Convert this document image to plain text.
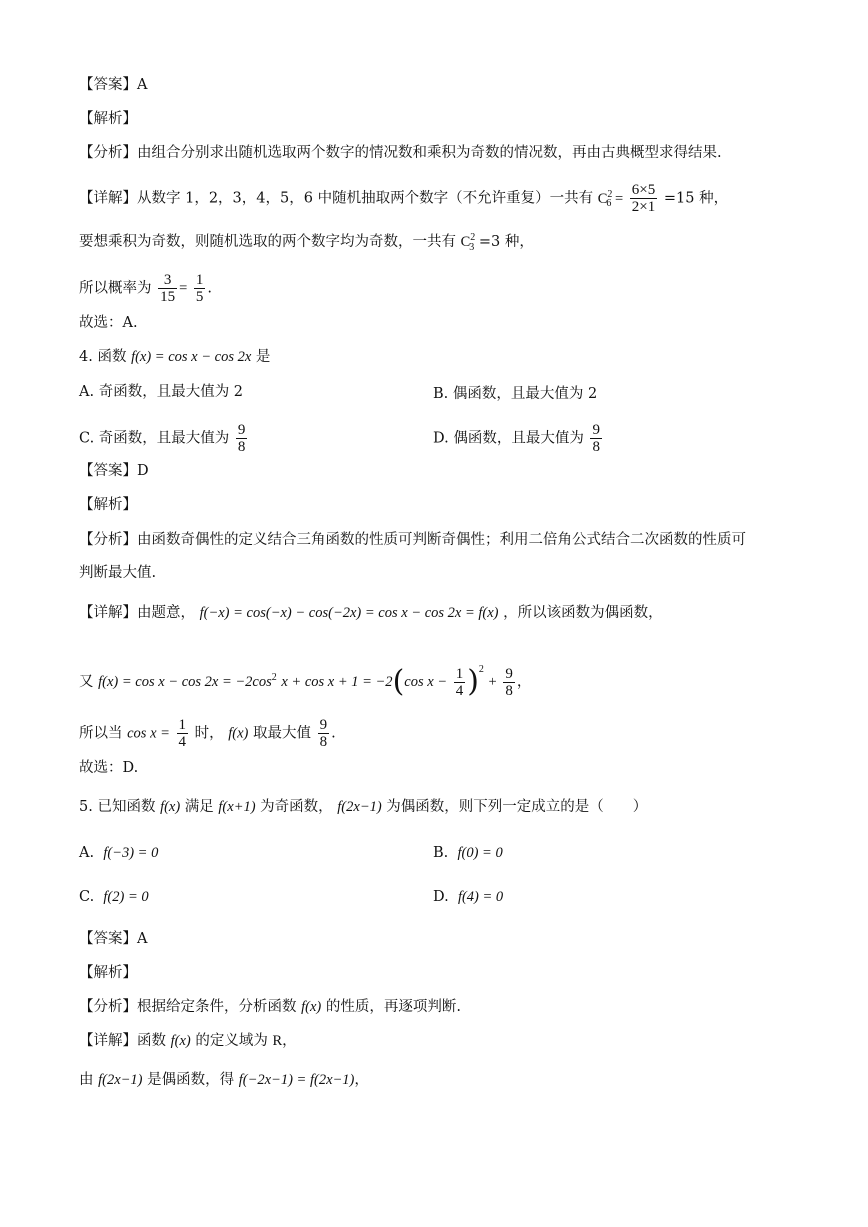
【答案】A
【解析】
【分析】由组合分别求出随机选取两个数字的情况数和乘积为奇数的情况数，再由古典概型求得结果.
【详解】从数字 1，2，3，4，5，6 中随机抽取两个数字（不允许重复）一共有 $C^2_6 = \frac{6\times 5}{2\times 1} =15$ 种，
要想乘积为奇数，则随机选取的两个数字均为奇数，一共有 $C^2_3 =3$ 种，
所以概率为 $\frac{3}{15} = \frac{1}{5}$ .
故选：A.
4. 函数 f(x) = cos x − cos 2x 是
A. 奇函数，且最大值为 2	B. 偶函数，且最大值为 2
C. 奇函数，且最大值为 $\frac{9}{8}$	D. 偶函数，且最大值为 $\frac{9}{8}$
【答案】D
【解析】
【分析】由函数奇偶性的定义结合三角函数的性质可判断奇偶性；利用二倍角公式结合二次函数的性质可
判断最大值.
【详解】由题意， f(−x) = cos(−x) − cos(−2x) = cos x − cos 2x = f(x) ，所以该函数为偶函数，
又 $f(x) = \cos x - \cos 2x = -2\cos^2$ x + cos x + 1 = −2(cos $x - \frac{1}{4} )^2 + \frac{9}{8}$ ，
所以当 $\cos x = \frac{1}{4}$ 时， f(x) 取最大值 $\frac{9}{8}$ .
故选：D.
5. 已知函数 f(x) 满足 f(x+1) 为奇函数， f(2x−1) 为偶函数，则下列一定成立的是（　　）
A. f(−3) = 0	B. f(0) = 0
C. f(2) = 0	D. f(4) = 0
【答案】A
【解析】
【分析】根据给定条件，分析函数 f(x) 的性质，再逐项判断.
【详解】函数 f(x) 的定义域为 R，
由 f(2x−1) 是偶函数，得 f(−2x−1) = f(2x−1)，
